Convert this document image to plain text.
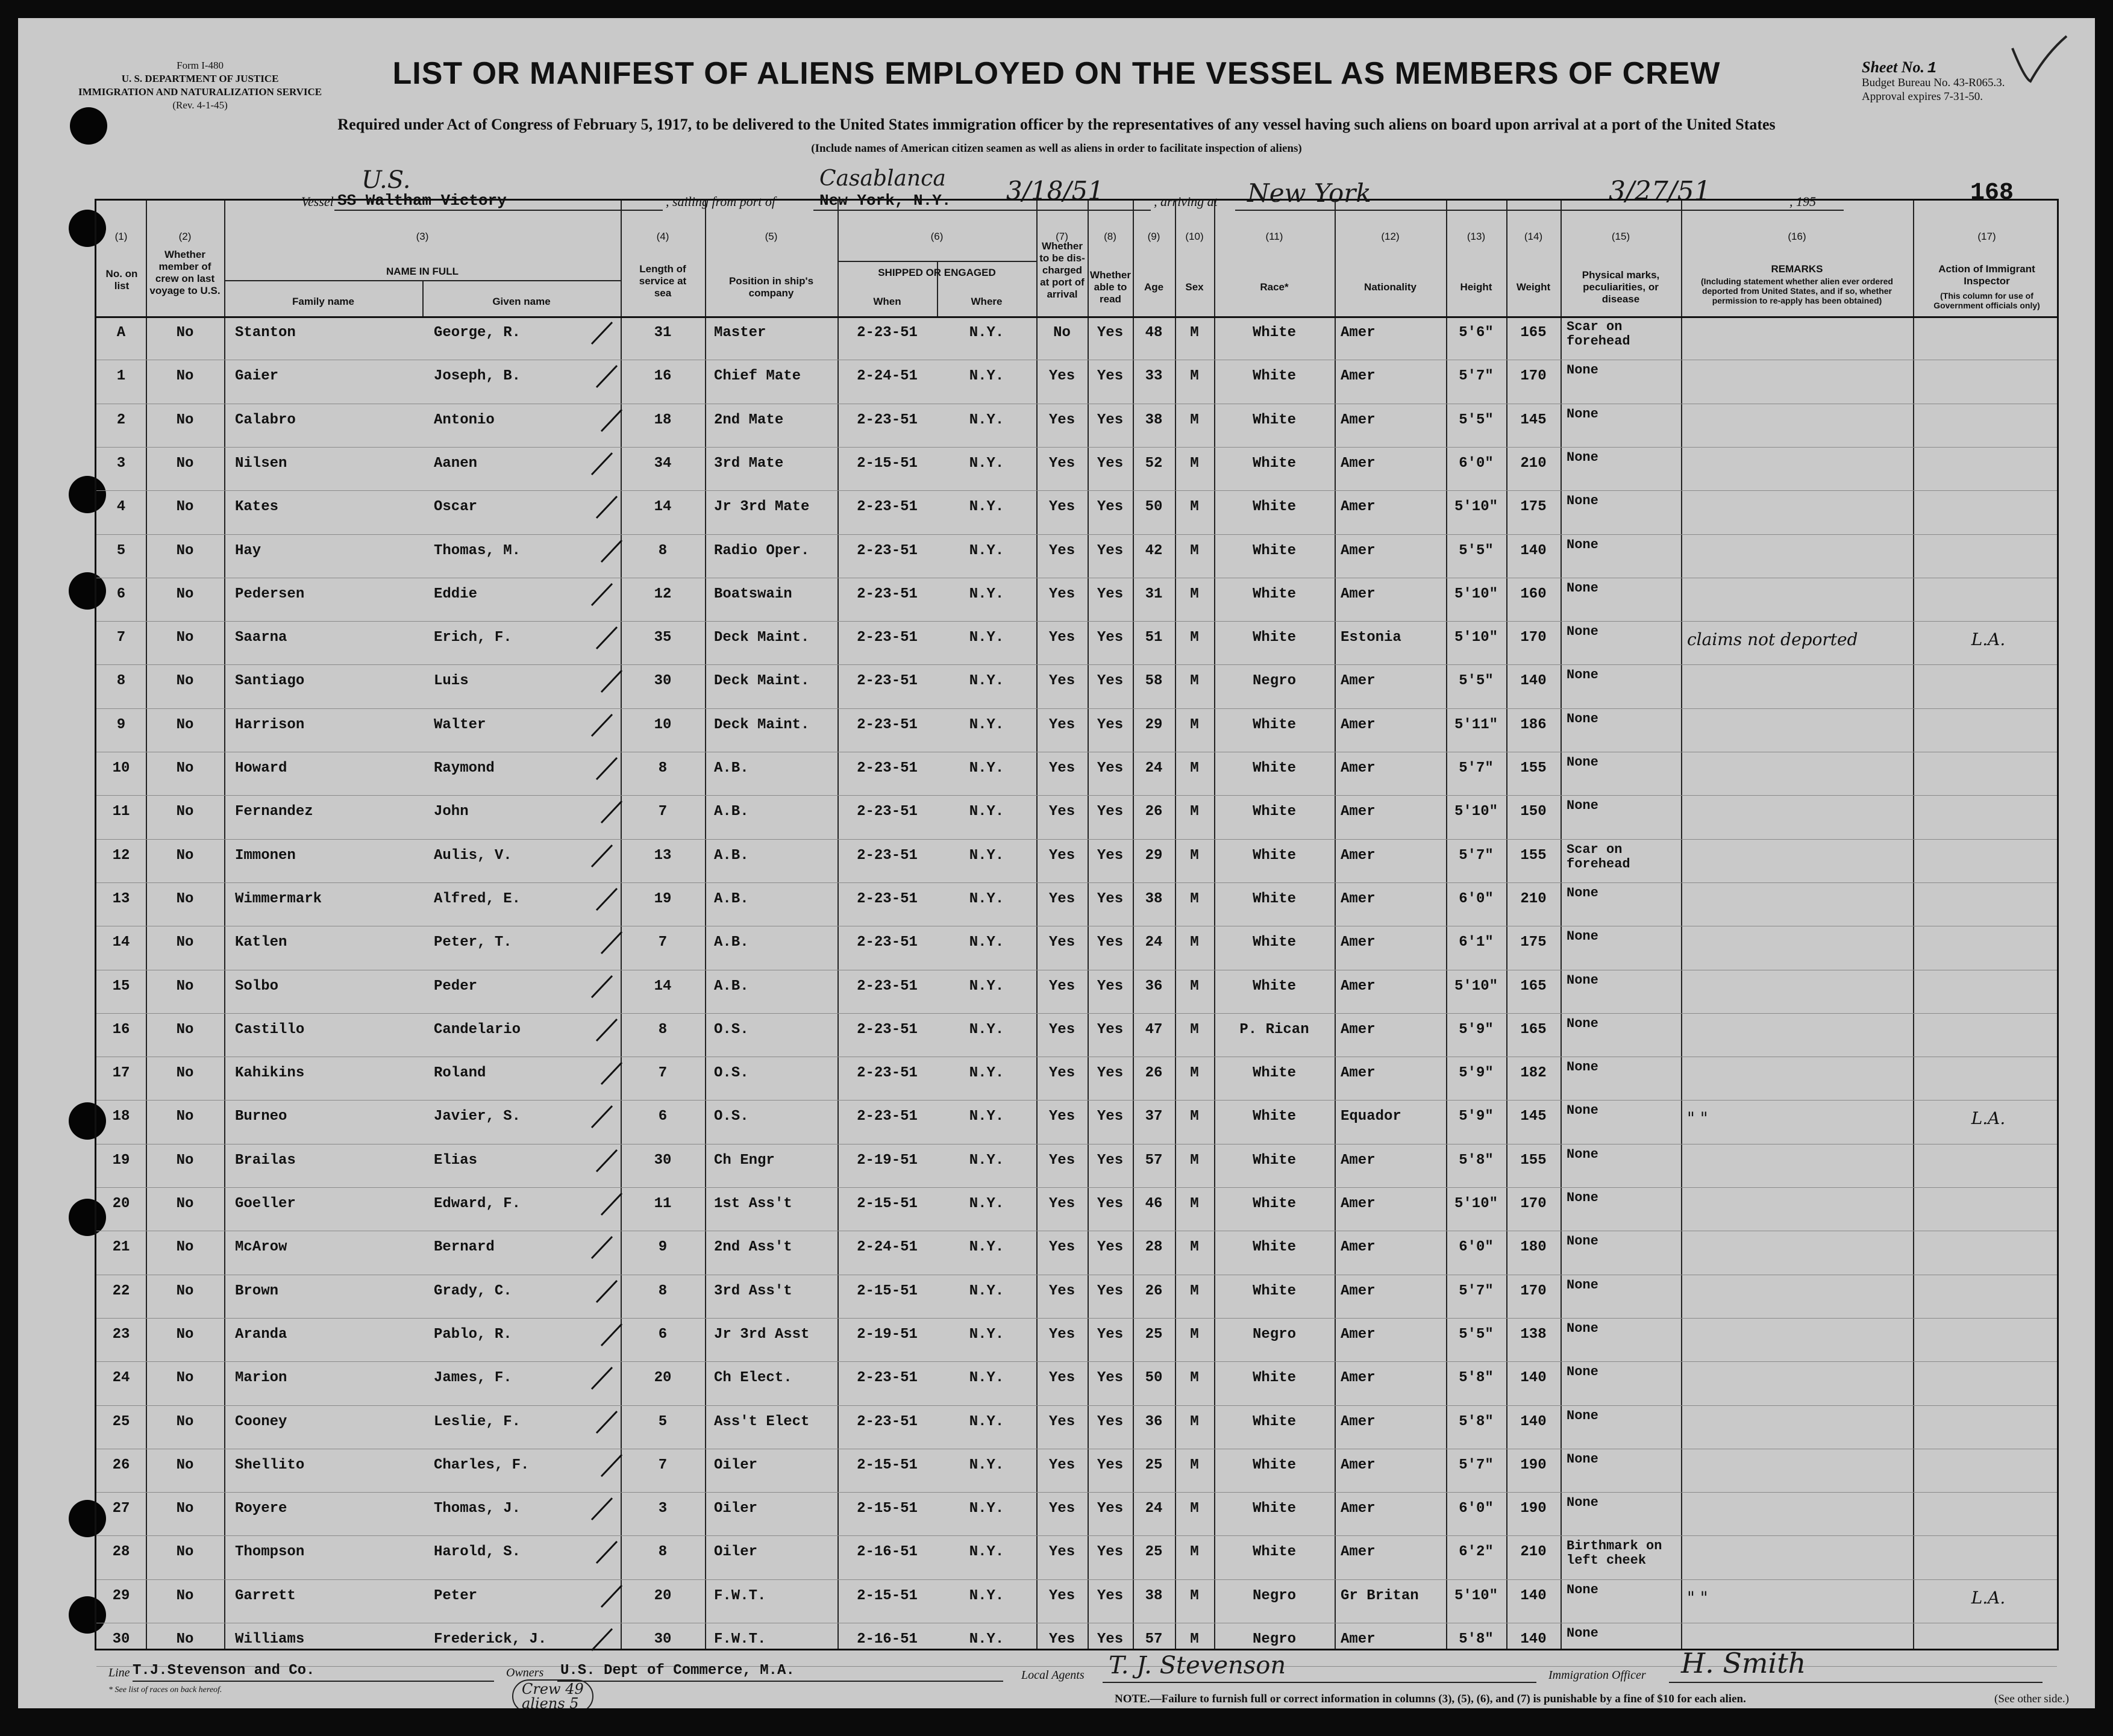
Form I-480
U. S. DEPARTMENT OF JUSTICE
IMMIGRATION AND NATURALIZATION SERVICE
(Rev. 4-1-45)
LIST OR MANIFEST OF ALIENS EMPLOYED ON THE VESSEL AS MEMBERS OF CREW
Required under Act of Congress of February 5, 1917, to be delivered to the United States immigration officer by the representatives of any vessel having such aliens on board upon arrival at a port of the United States
(Include names of American citizen seamen as well as aliens in order to facilitate inspection of aliens)
Sheet No. 1
Budget Bureau No. 43-R065.3.
Approval expires 7-31-50.
168
Vessel
U.S.
SS Waltham Victory	, sailing from port of
Casablanca
New York, N.Y. 3/18/51	, arriving at New York	3/27/51	, 195
(1)	(2)	(3)	(4)	(5)	(6)	(7)	(8)	(9)	(10)	(11)	(12)	(13)	(14)	(15)	(16)	(17)
No. on list
Whether member of crew on last voyage to U.S.
NAME IN FULL
Family name	Given name
Length of service at sea
Position in ship's company
SHIPPED OR ENGAGED
When	Where
Whether to be dis-charged at port of arrival
Whether able to read
Age	Sex	Race*	Nationality	Height	Weight
Physical marks, peculiarities, or disease
REMARKS
(Including statement whether alien ever ordered deported from United States, and if so, whether permission to re-apply has been obtained)
Action of Immigrant Inspector
(This column for use of Government officials only)
A	No	Stanton	George, R.	31	Master	2-23-51	N.Y.	No	Yes	48	M	White	Amer	5'6"	165	Scar on forehead
1	No	Gaier	Joseph, B.	16	Chief Mate	2-24-51	N.Y.	Yes	Yes	33	M	White	Amer	5'7"	170	None
2	No	Calabro	Antonio	18	2nd Mate	2-23-51	N.Y.	Yes	Yes	38	M	White	Amer	5'5"	145	None
3	No	Nilsen	Aanen	34	3rd Mate	2-15-51	N.Y.	Yes	Yes	52	M	White	Amer	6'0"	210	None
4	No	Kates	Oscar	14	Jr 3rd Mate	2-23-51	N.Y.	Yes	Yes	50	M	White	Amer	5'10"	175	None
5	No	Hay	Thomas, M.	8	Radio Oper.	2-23-51	N.Y.	Yes	Yes	42	M	White	Amer	5'5"	140	None
6	No	Pedersen	Eddie	12	Boatswain	2-23-51	N.Y.	Yes	Yes	31	M	White	Amer	5'10"	160	None
7	No	Saarna	Erich, F.	35	Deck Maint.	2-23-51	N.Y.	Yes	Yes	51	M	White	Estonia	5'10"	170	None	claims not deported	L.A.
8	No	Santiago	Luis	30	Deck Maint.	2-23-51	N.Y.	Yes	Yes	58	M	Negro	Amer	5'5"	140	None
9	No	Harrison	Walter	10	Deck Maint.	2-23-51	N.Y.	Yes	Yes	29	M	White	Amer	5'11"	186	None
10	No	Howard	Raymond	8	A.B.	2-23-51	N.Y.	Yes	Yes	24	M	White	Amer	5'7"	155	None
11	No	Fernandez	John	7	A.B.	2-23-51	N.Y.	Yes	Yes	26	M	White	Amer	5'10"	150	None
12	No	Immonen	Aulis, V.	13	A.B.	2-23-51	N.Y.	Yes	Yes	29	M	White	Amer	5'7"	155	Scar on forehead
13	No	Wimmermark	Alfred, E.	19	A.B.	2-23-51	N.Y.	Yes	Yes	38	M	White	Amer	6'0"	210	None
14	No	Katlen	Peter, T.	7	A.B.	2-23-51	N.Y.	Yes	Yes	24	M	White	Amer	6'1"	175	None
15	No	Solbo	Peder	14	A.B.	2-23-51	N.Y.	Yes	Yes	36	M	White	Amer	5'10"	165	None
16	No	Castillo	Candelario	8	O.S.	2-23-51	N.Y.	Yes	Yes	47	M	P. Rican	Amer	5'9"	165	None
17	No	Kahikins	Roland	7	O.S.	2-23-51	N.Y.	Yes	Yes	26	M	White	Amer	5'9"	182	None
18	No	Burneo	Javier, S.	6	O.S.	2-23-51	N.Y.	Yes	Yes	37	M	White	Equador	5'9"	145	None	" "	L.A.
19	No	Brailas	Elias	30	Ch Engr	2-19-51	N.Y.	Yes	Yes	57	M	White	Amer	5'8"	155	None
20	No	Goeller	Edward, F.	11	1st Ass't	2-15-51	N.Y.	Yes	Yes	46	M	White	Amer	5'10"	170	None
21	No	McArow	Bernard	9	2nd Ass't	2-24-51	N.Y.	Yes	Yes	28	M	White	Amer	6'0"	180	None
22	No	Brown	Grady, C.	8	3rd Ass't	2-15-51	N.Y.	Yes	Yes	26	M	White	Amer	5'7"	170	None
23	No	Aranda	Pablo, R.	6	Jr 3rd Asst	2-19-51	N.Y.	Yes	Yes	25	M	Negro	Amer	5'5"	138	None
24	No	Marion	James, F.	20	Ch Elect.	2-23-51	N.Y.	Yes	Yes	50	M	White	Amer	5'8"	140	None
25	No	Cooney	Leslie, F.	5	Ass't Elect	2-23-51	N.Y.	Yes	Yes	36	M	White	Amer	5'8"	140	None
26	No	Shellito	Charles, F.	7	Oiler	2-15-51	N.Y.	Yes	Yes	25	M	White	Amer	5'7"	190	None
27	No	Royere	Thomas, J.	3	Oiler	2-15-51	N.Y.	Yes	Yes	24	M	White	Amer	6'0"	190	None
28	No	Thompson	Harold, S.	8	Oiler	2-16-51	N.Y.	Yes	Yes	25	M	White	Amer	6'2"	210	Birthmark on left cheek
29	No	Garrett	Peter	20	F.W.T.	2-15-51	N.Y.	Yes	Yes	38	M	Negro	Gr Britan	5'10"	140	None	" "	L.A.
30	No	Williams	Frederick, J.	30	F.W.T.	2-16-51	N.Y.	Yes	Yes	57	M	Negro	Amer	5'8"	140	None
Line T.J.Stevenson and Co.	Owners U.S. Dept of Commerce, M.A.	Local Agents T. J. Stevenson	Immigration Officer H. Smith
* See list of races on back hereof.	Crew 49
aliens 5	NOTE.—Failure to furnish full or correct information in columns (3), (5), (6), and (7) is punishable by a fine of $10 for each alien.	(See other side.)
